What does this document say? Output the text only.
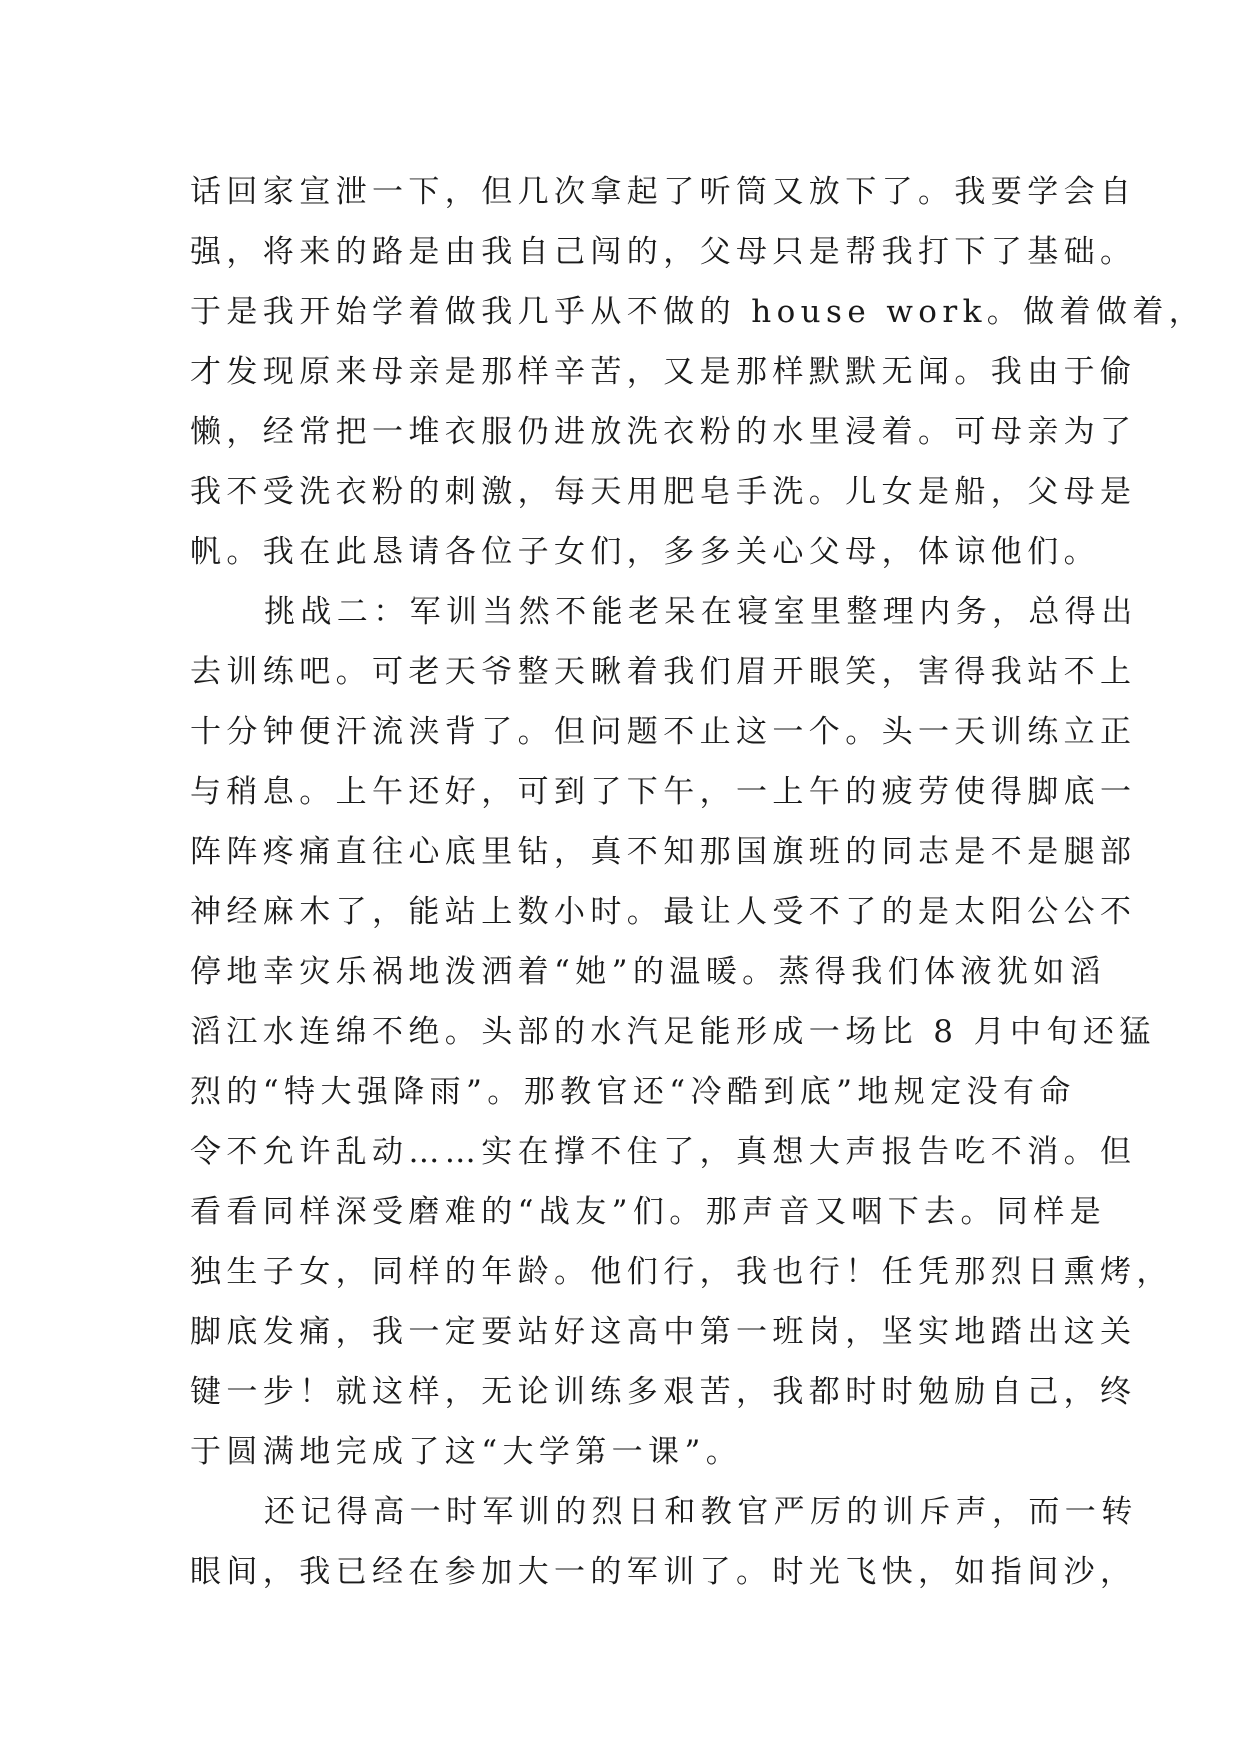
话回家宣泄一下，但几次拿起了听筒又放下了。我要学会自
强，将来的路是由我自己闯的，父母只是帮我打下了基础。
于是我开始学着做我几乎从不做的 house work。做着做着，
才发现原来母亲是那样辛苦，又是那样默默无闻。我由于偷
懒，经常把一堆衣服仍进放洗衣粉的水里浸着。可母亲为了
我不受洗衣粉的刺激，每天用肥皂手洗。儿女是船，父母是
帆。我在此恳请各位子女们，多多关心父母，体谅他们。
挑战二：军训当然不能老呆在寝室里整理内务，总得出
去训练吧。可老天爷整天瞅着我们眉开眼笑，害得我站不上
十分钟便汗流浃背了。但问题不止这一个。头一天训练立正
与稍息。上午还好，可到了下午，一上午的疲劳使得脚底一
阵阵疼痛直往心底里钻，真不知那国旗班的同志是不是腿部
神经麻木了，能站上数小时。最让人受不了的是太阳公公不
停地幸灾乐祸地泼洒着“她”的温暖。蒸得我们体液犹如滔
滔江水连绵不绝。头部的水汽足能形成一场比 8 月中旬还猛
烈的“特大强降雨”。那教官还“冷酷到底”地规定没有命
令不允许乱动……实在撑不住了，真想大声报告吃不消。但
看看同样深受磨难的“战友”们。那声音又咽下去。同样是
独生子女，同样的年龄。他们行，我也行！任凭那烈日熏烤，
脚底发痛，我一定要站好这高中第一班岗，坚实地踏出这关
键一步！就这样，无论训练多艰苦，我都时时勉励自己，终
于圆满地完成了这“大学第一课”。
还记得高一时军训的烈日和教官严厉的训斥声，而一转
眼间，我已经在参加大一的军训了。时光飞快，如指间沙，
